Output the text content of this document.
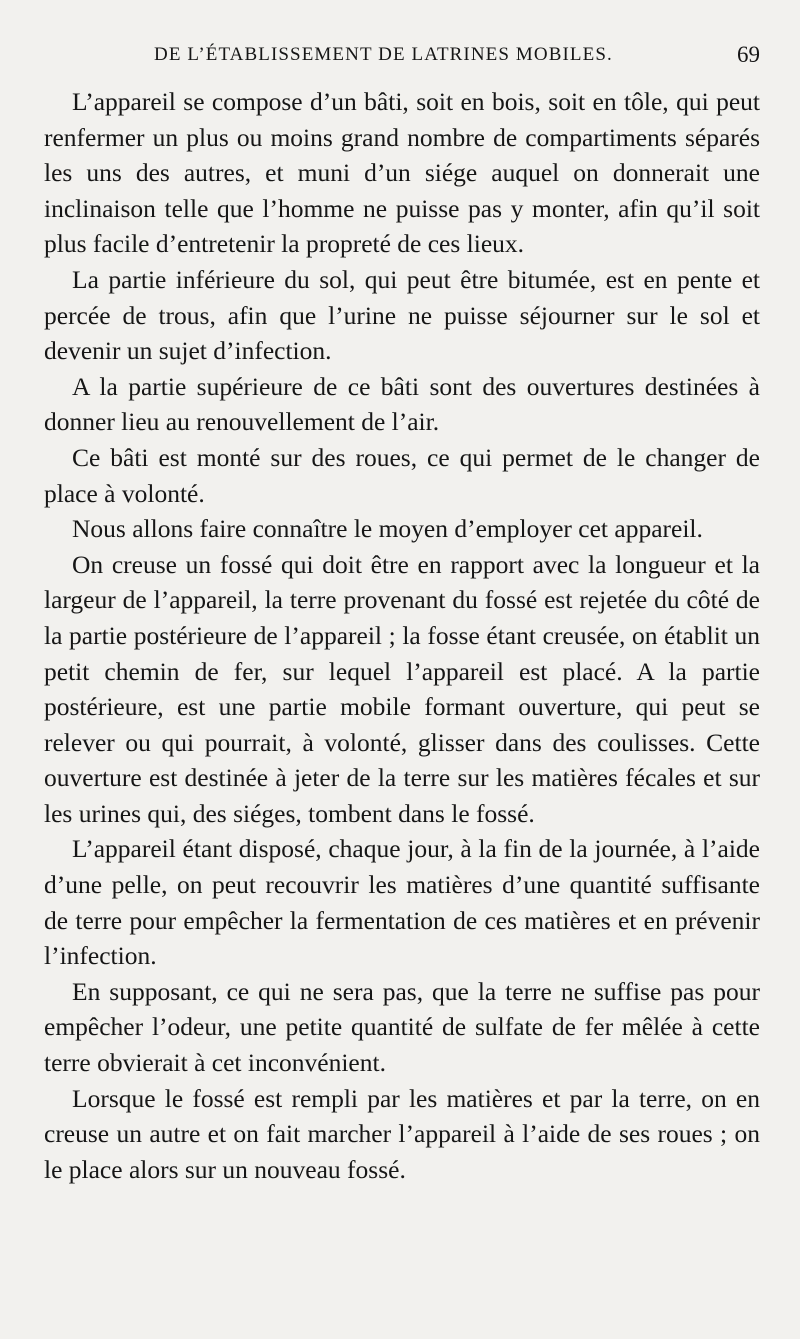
DE L’ÉTABLISSEMENT DE LATRINES MOBILES.	69

L’appareil se compose d’un bâti, soit en bois, soit en tôle, qui peut renfermer un plus ou moins grand nombre de compartiments séparés les uns des autres, et muni d’un siége auquel on donnerait une inclinaison telle que l’homme ne puisse pas y monter, afin qu’il soit plus facile d’entretenir la propreté de ces lieux.

La partie inférieure du sol, qui peut être bitumée, est en pente et percée de trous, afin que l’urine ne puisse séjourner sur le sol et devenir un sujet d’infection.

A la partie supérieure de ce bâti sont des ouvertures destinées à donner lieu au renouvellement de l’air.

Ce bâti est monté sur des roues, ce qui permet de le changer de place à volonté.

Nous allons faire connaître le moyen d’employer cet appareil.

On creuse un fossé qui doit être en rapport avec la longueur et la largeur de l’appareil, la terre provenant du fossé est rejetée du côté de la partie postérieure de l’appareil ; la fosse étant creusée, on établit un petit chemin de fer, sur lequel l’appareil est placé. A la partie postérieure, est une partie mobile formant ouverture, qui peut se relever ou qui pourrait, à volonté, glisser dans des coulisses. Cette ouverture est destinée à jeter de la terre sur les matières fécales et sur les urines qui, des siéges, tombent dans le fossé.

L’appareil étant disposé, chaque jour, à la fin de la journée, à l’aide d’une pelle, on peut recouvrir les matières d’une quantité suffisante de terre pour empêcher la fermentation de ces matières et en prévenir l’infection.

En supposant, ce qui ne sera pas, que la terre ne suffise pas pour empêcher l’odeur, une petite quantité de sulfate de fer mêlée à cette terre obvierait à cet inconvénient.

Lorsque le fossé est rempli par les matières et par la terre, on en creuse un autre et on fait marcher l’appareil à l’aide de ses roues ; on le place alors sur un nouveau fossé.
